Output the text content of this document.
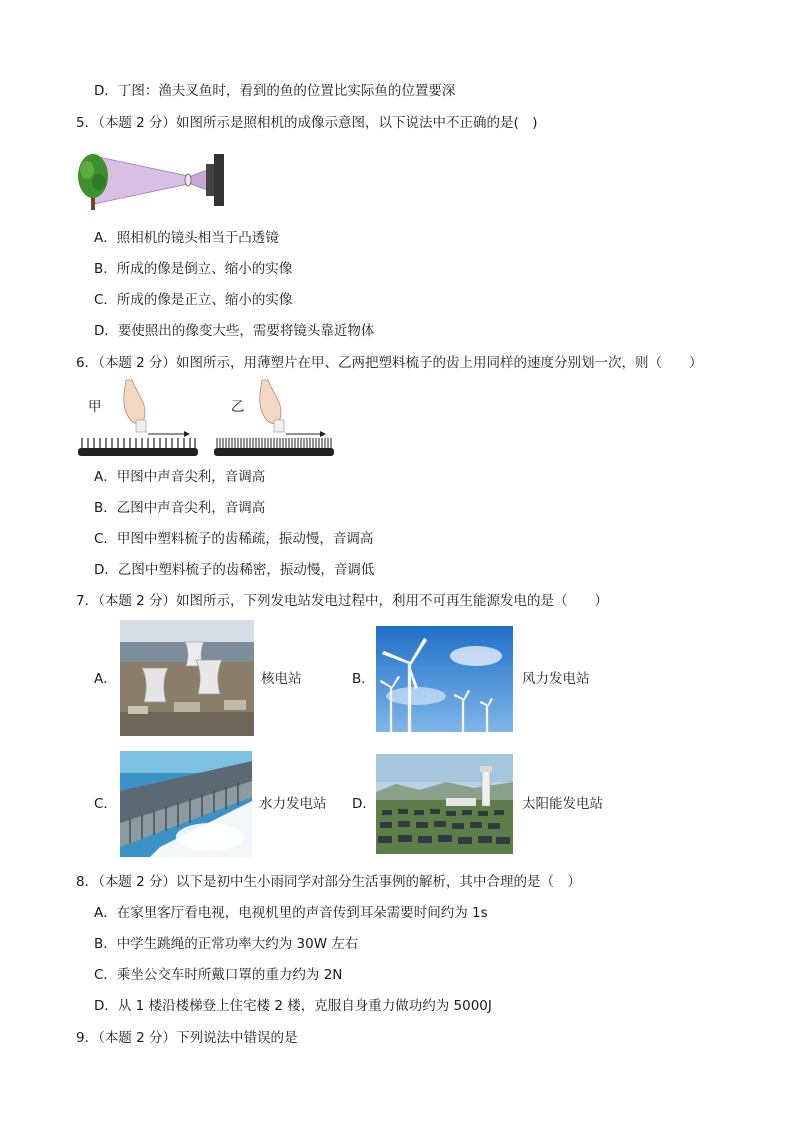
D．丁图：渔夫叉鱼时，看到的鱼的位置比实际鱼的位置要深
5．（本题 2 分）如图所示是照相机的成像示意图，以下说法中不正确的是(　)
A．照相机的镜头相当于凸透镜
B．所成的像是倒立、缩小的实像
C．所成的像是正立、缩小的实像
D．要使照出的像变大些，需要将镜头靠近物体
6．（本题 2 分）如图所示，用薄塑片在甲、乙两把塑料梳子的齿上用同样的速度分别划一次，则（　　）
甲	乙
A．甲图中声音尖利，音调高
B．乙图中声音尖利，音调高
C．甲图中塑料梳子的齿稀疏，振动慢，音调高
D．乙图中塑料梳子的齿稀密，振动慢，音调低
7．（本题 2 分）如图所示，下列发电站发电过程中，利用不可再生能源发电的是（　　）
A．	核电站	B．	风力发电站
C．	水力发电站 D．	太阳能发电站
8．（本题 2 分）以下是初中生小雨同学对部分生活事例的解析，其中合理的是（　）
A．在家里客厅看电视，电视机里的声音传到耳朵需要时间约为 1s
B．中学生跳绳的正常功率大约为 30W 左右
C．乘坐公交车时所戴口罩的重力约为 2N
D．从 1 楼沿楼梯登上住宅楼 2 楼，克服自身重力做功约为 5000J
9．（本题 2 分）下列说法中错误的是
